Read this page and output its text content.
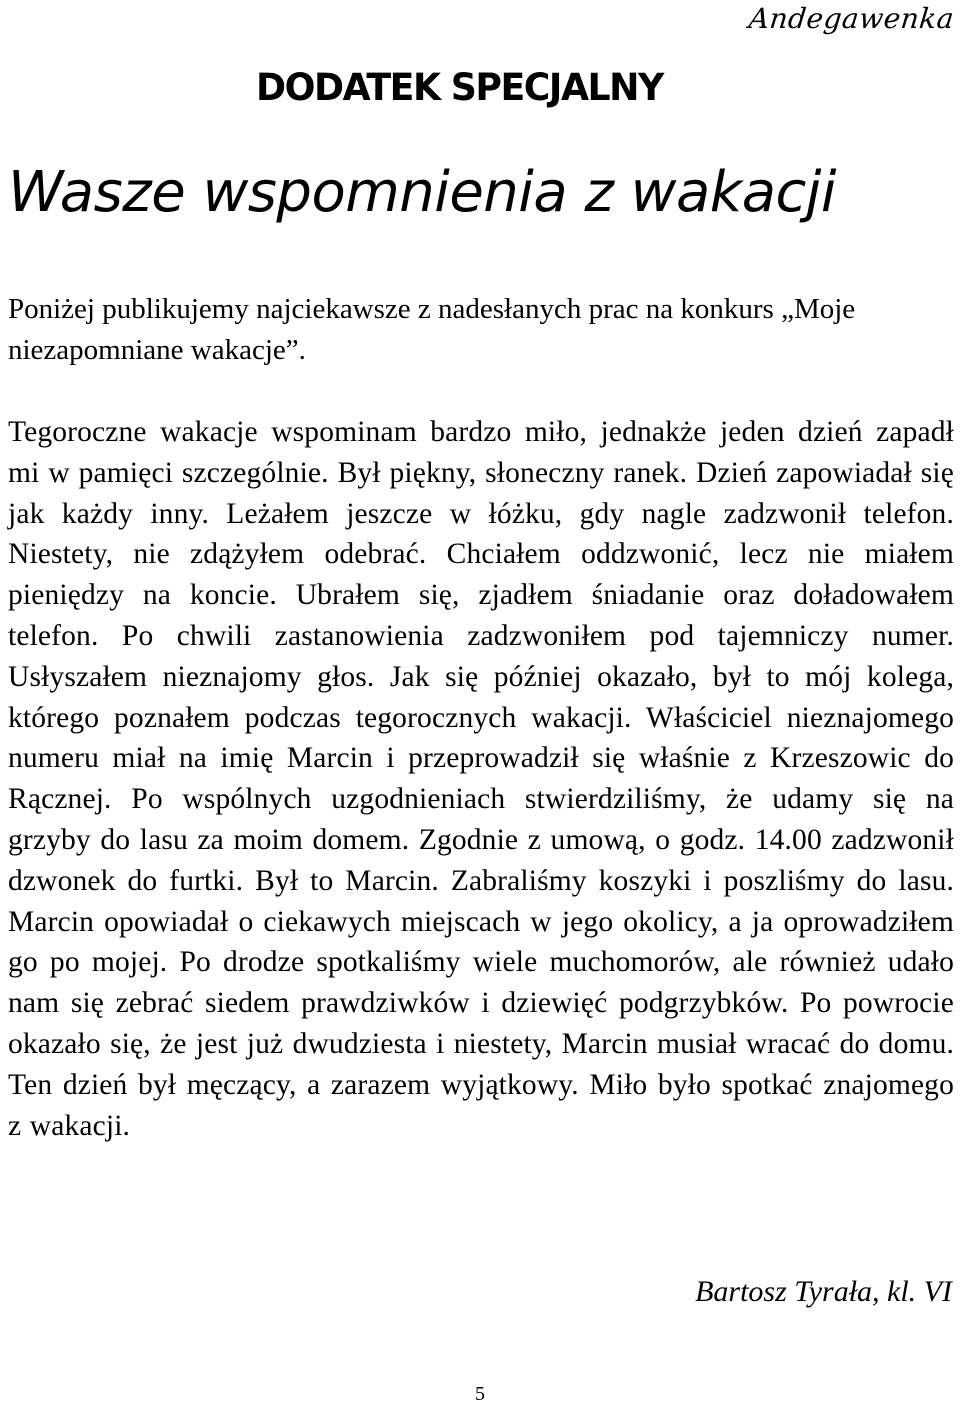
Andegawenka
DODATEK SPECJALNY
Wasze wspomnienia z wakacji
Poniżej publikujemy najciekawsze z nadesłanych prac na konkurs „Moje niezapomniane wakacje”.
Tegoroczne wakacje wspominam bardzo miło, jednakże jeden dzień zapadł mi w pamięci szczególnie. Był piękny, słoneczny ranek. Dzień zapowiadał się jak każdy inny. Leżałem jeszcze w łóżku, gdy nagle zadzwonił telefon. Niestety, nie zdążyłem odebrać. Chciałem oddzwonić, lecz nie miałem pieniędzy na koncie. Ubrałem się, zjadłem śniadanie oraz doładowałem telefon. Po chwili zastanowienia zadzwoniłem pod tajemniczy numer. Usłyszałem nieznajomy głos. Jak się później okazało, był to mój kolega, którego poznałem podczas tegorocznych wakacji. Właściciel nieznajomego numeru miał na imię Marcin i przeprowadził się właśnie z Krzeszowic do Rącznej. Po wspólnych uzgodnieniach stwierdziliśmy, że udamy się na grzyby do lasu za moim domem. Zgodnie z umową, o godz. 14.00 zadzwonił dzwonek do furtki. Był to Marcin. Zabraliśmy koszyki i poszliśmy do lasu. Marcin opowiadał o ciekawych miejscach w jego okolicy, a ja oprowadziłem go po mojej. Po drodze spotkaliśmy wiele muchomorów, ale również udało nam się zebrać siedem prawdziwków i dziewięć podgrzybków. Po powrocie okazało się, że jest już dwudziesta i niestety, Marcin musiał wracać do domu. Ten dzień był męczący, a zarazem wyjątkowy. Miło było spotkać znajomego z wakacji.
Bartosz Tyrała, kl. VI
5
